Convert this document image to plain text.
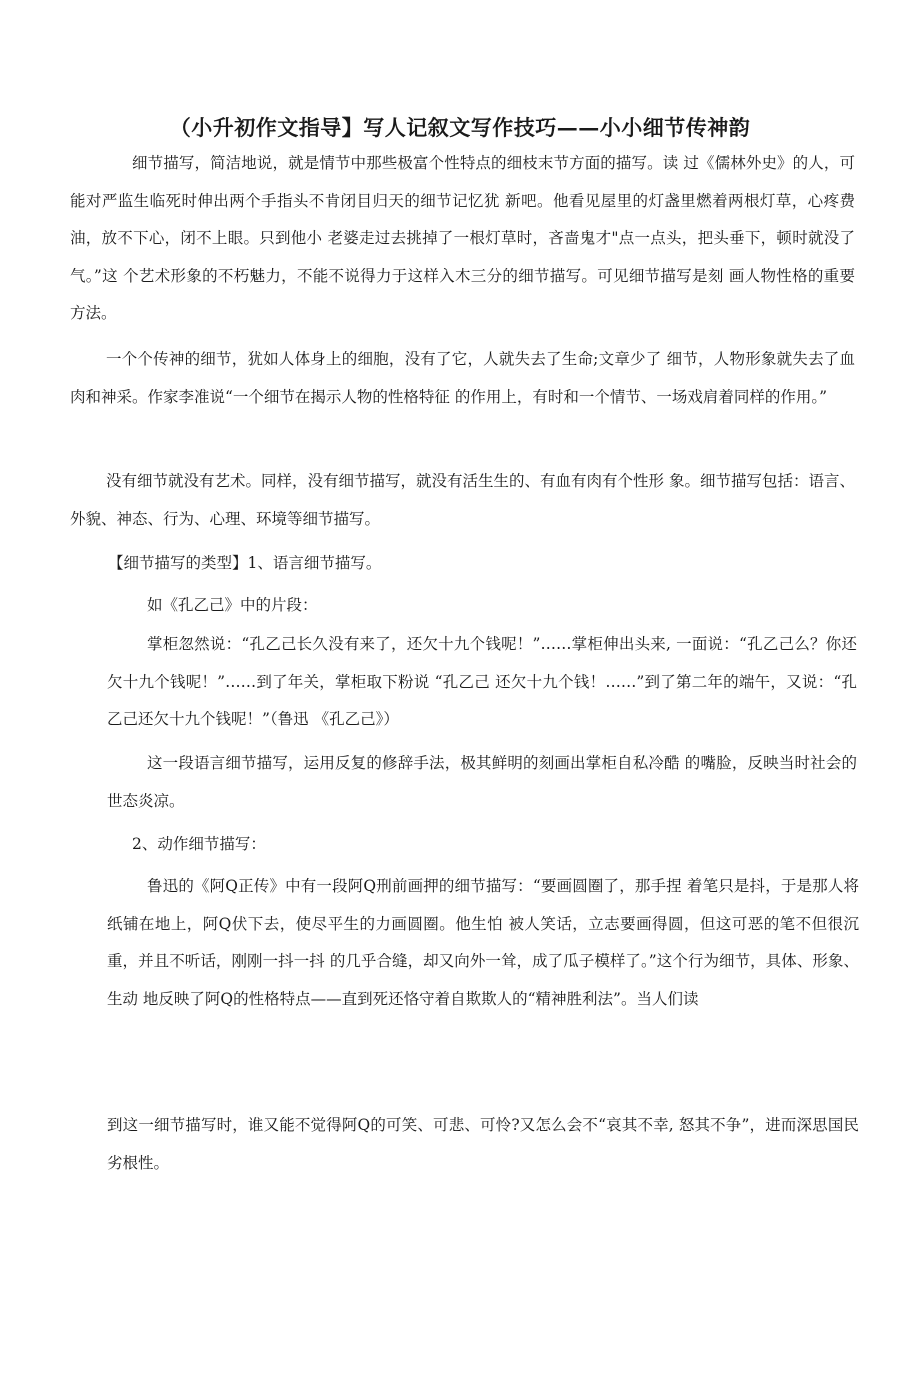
（小升初作文指导】写人记叙文写作技巧——小小细节传神韵

细节描写，简洁地说，就是情节中那些极富个性特点的细枝末节方面的描写。读 过《儒林外史》的人，可能对严监生临死时伸出两个手指头不肯闭目归天的细节记忆犹 新吧。他看见屋里的灯盏里燃着两根灯草，心疼费油，放不下心，闭不上眼。只到他小 老婆走过去挑掉了一根灯草时，吝啬鬼才"点一点头，把头垂下，顿时就没了气。”这 个艺术形象的不朽魅力，不能不说得力于这样入木三分的细节描写。可见细节描写是刻 画人物性格的重要方法。

一个个传神的细节，犹如人体身上的细胞，没有了它，人就失去了生命;文章少了 细节，人物形象就失去了血肉和神采。作家李准说“一个细节在揭示人物的性格特征 的作用上，有时和一个情节、一场戏肩着同样的作用。”

没有细节就没有艺术。同样，没有细节描写，就没有活生生的、有血有肉有个性形 象。细节描写包括：语言、外貌、神态、行为、心理、环境等细节描写。

【细节描写的类型】1、语言细节描写。

如《孔乙己》中的片段：

掌柜忽然说：“孔乙己长久没有来了，还欠十九个钱呢！”……掌柜伸出头来, 一面说：“孔乙己么？你还欠十九个钱呢！”……到了年关，掌柜取下粉说 “孔乙己 还欠十九个钱！……”到了第二年的端午，又说：“孔乙己还欠十九个钱呢！”（鲁迅 《孔乙己》）

这一段语言细节描写，运用反复的修辞手法，极其鲜明的刻画出掌柜自私冷酷 的嘴脸，反映当时社会的世态炎凉。

2、动作细节描写：

鲁迅的《阿Q正传》中有一段阿Q刑前画押的细节描写：“要画圆圈了，那手捏 着笔只是抖，于是那人将纸铺在地上，阿Q伏下去，使尽平生的力画圆圈。他生怕 被人笑话，立志要画得圆，但这可恶的笔不但很沉重，并且不听话，刚刚一抖一抖 的几乎合缝，却又向外一耸，成了瓜子模样了。”这个行为细节，具体、形象、生动 地反映了阿Q的性格特点——直到死还恪守着自欺欺人的“精神胜利法”。当人们读

到这一细节描写时，谁又能不觉得阿Q的可笑、可悲、可怜?又怎么会不“哀其不幸, 怒其不争”，进而深思国民劣根性。
